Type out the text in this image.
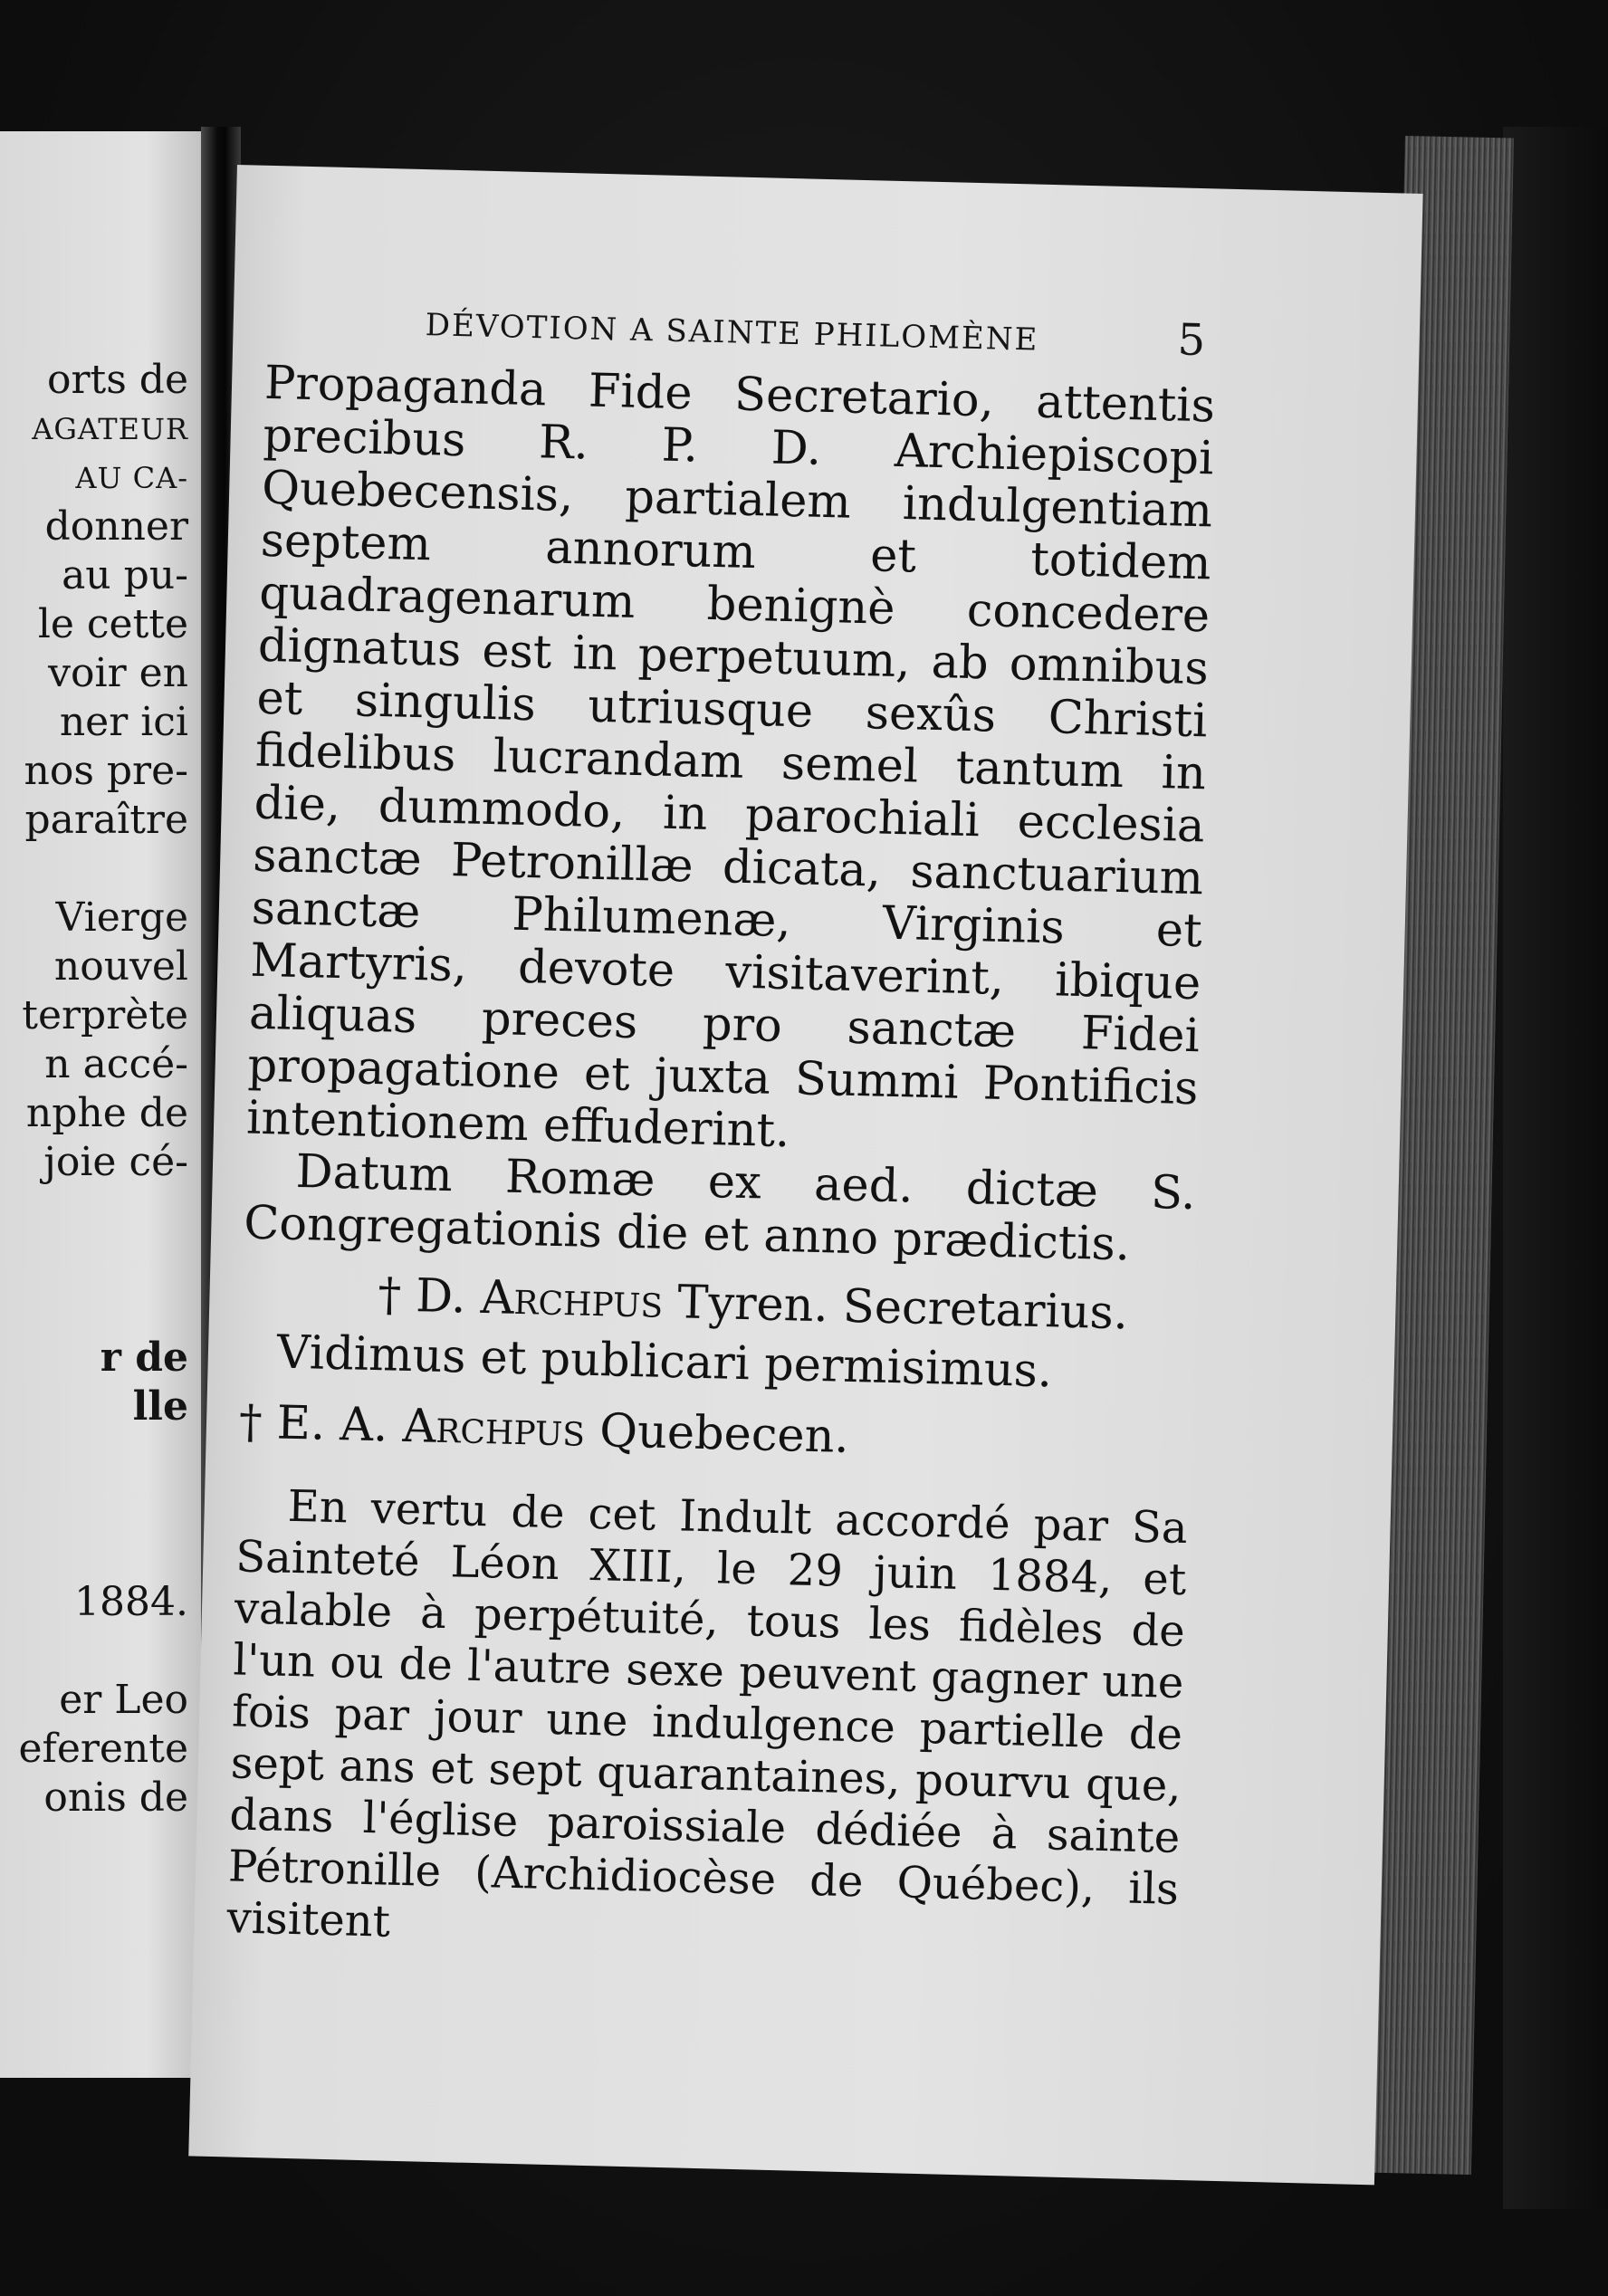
orts de
AGATEUR
AU CA-
donner
au pu-
le cette
voir en
ner ici
nos pre-
paraître
Vierge
nouvel
terprète
n accé-
nphe de
joie cé-
r de
lle
1884.
er Leo
eferente
onis de
DÉVOTION A SAINTE PHILOMÈNE	5

Propaganda Fide Secretario, attentis precibus R. P. D. Archiepiscopi Quebecensis, partialem indulgentiam septem annorum et totidem quadragenarum benignè concedere dignatus est in perpetuum, ab omnibus et singulis utriusque sexûs Christi fidelibus lucrandam semel tantum in die, dummodo, in parochiali ecclesia sanctæ Petronillæ dicata, sanctuarium sanctæ Philumenæ, Virginis et Martyris, devote visitaverint, ibique aliquas preces pro sanctæ Fidei propagatione et juxta Summi Pontificis intentionem effuderint.

Datum Romæ ex aed. dictæ S. Congregationis die et anno prædictis.

† D. Archpus Tyren. Secretarius.

Vidimus et publicari permisimus.

† E. A. Archpus Quebecen.

En vertu de cet Indult accordé par Sa Sainteté Léon XIII, le 29 juin 1884, et valable à perpétuité, tous les fidèles de l'un ou de l'autre sexe peuvent gagner une fois par jour une indulgence partielle de sept ans et sept quarantaines, pourvu que, dans l'église paroissiale dédiée à sainte Pétronille (Archidiocèse de Québec), ils visitent
